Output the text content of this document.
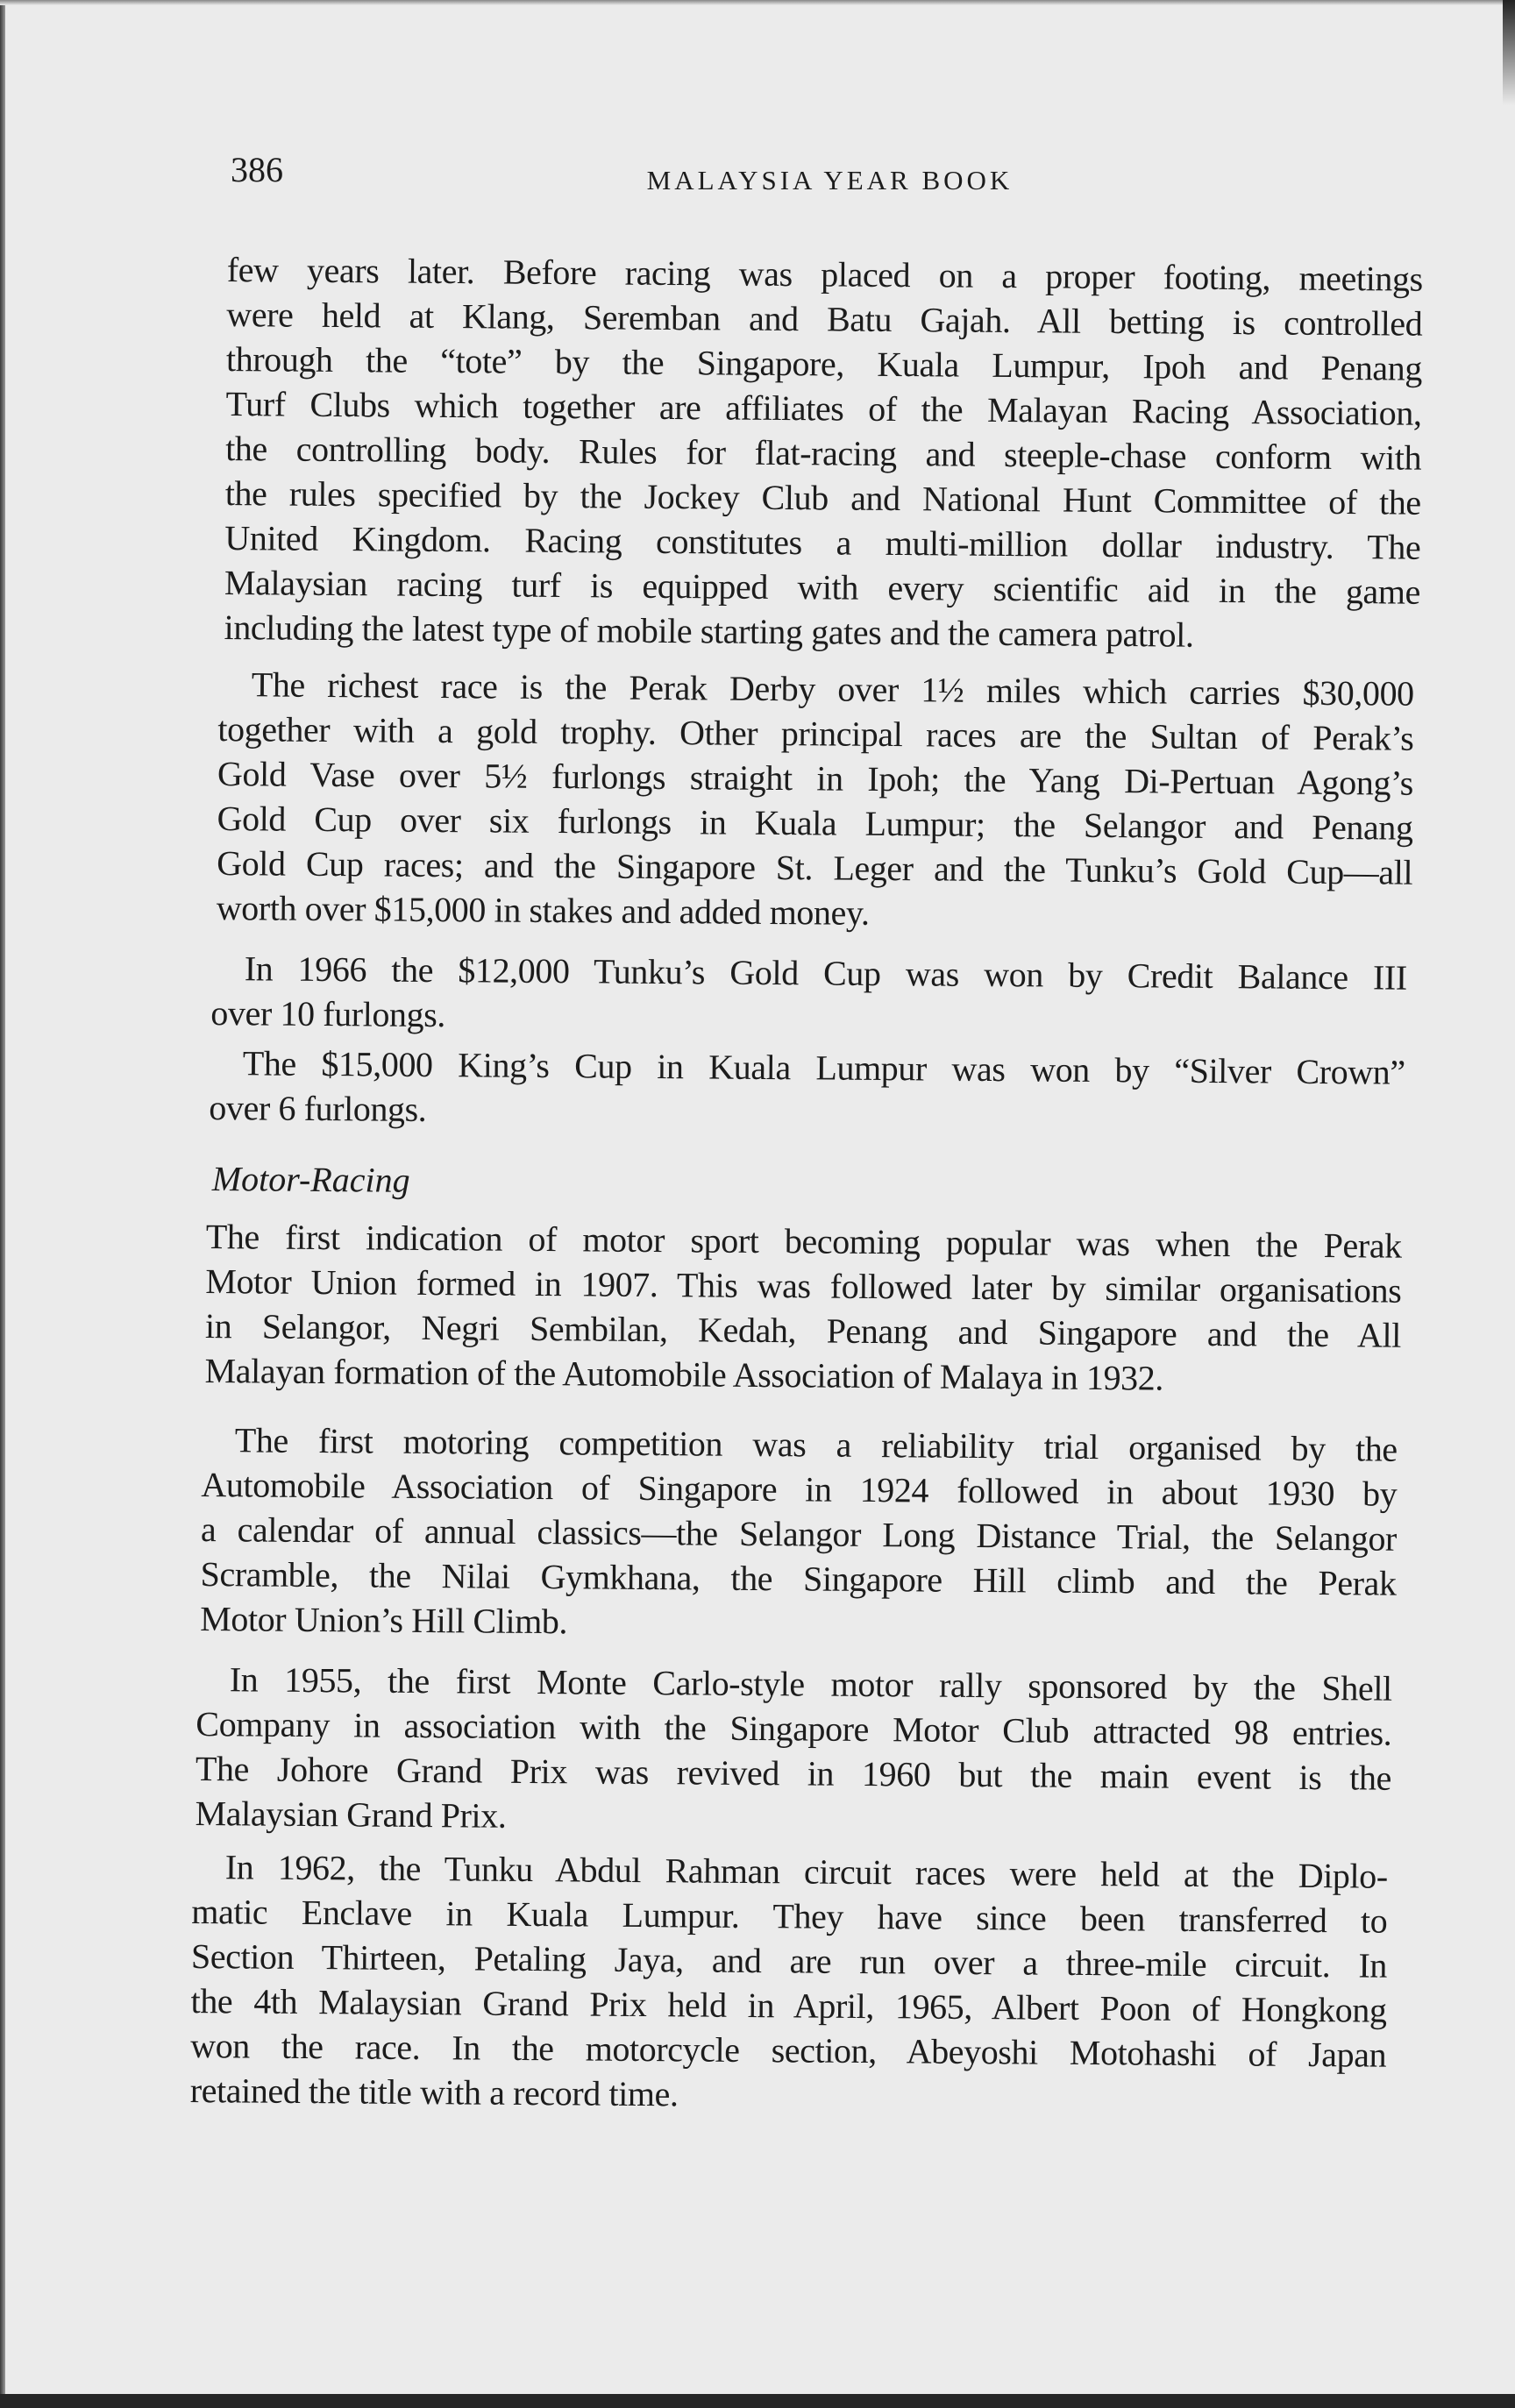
386	MALAYSIA YEAR BOOK
few years later. Before racing was placed on a proper footing, meetings
were held at Klang, Seremban and Batu Gajah. All betting is controlled
through the “tote” by the Singapore, Kuala Lumpur, Ipoh and Penang
Turf Clubs which together are affiliates of the Malayan Racing Association,
the controlling body. Rules for flat-racing and steeple-chase conform with
the rules specified by the Jockey Club and National Hunt Committee of the
United Kingdom. Racing constitutes a multi-million dollar industry. The
Malaysian racing turf is equipped with every scientific aid in the game
including the latest type of mobile starting gates and the camera patrol.
The richest race is the Perak Derby over 1½ miles which carries $30,000
together with a gold trophy. Other principal races are the Sultan of Perak’s
Gold Vase over 5½ furlongs straight in Ipoh; the Yang Di-Pertuan Agong’s
Gold Cup over six furlongs in Kuala Lumpur; the Selangor and Penang
Gold Cup races; and the Singapore St. Leger and the Tunku’s Gold Cup—all
worth over $15,000 in stakes and added money.
In 1966 the $12,000 Tunku’s Gold Cup was won by Credit Balance III
over 10 furlongs.
The $15,000 King’s Cup in Kuala Lumpur was won by “Silver Crown”
over 6 furlongs.
The first indication of motor sport becoming popular was when the Perak
Motor Union formed in 1907. This was followed later by similar organisations
in Selangor, Negri Sembilan, Kedah, Penang and Singapore and the All
Malayan formation of the Automobile Association of Malaya in 1932.
The first motoring competition was a reliability trial organised by the
Automobile Association of Singapore in 1924 followed in about 1930 by
a calendar of annual classics—the Selangor Long Distance Trial, the Selangor
Scramble, the Nilai Gymkhana, the Singapore Hill climb and the Perak
Motor Union’s Hill Climb.
In 1955, the first Monte Carlo-style motor rally sponsored by the Shell
Company in association with the Singapore Motor Club attracted 98 entries.
The Johore Grand Prix was revived in 1960 but the main event is the
Malaysian Grand Prix.
In 1962, the Tunku Abdul Rahman circuit races were held at the Diplo-
matic Enclave in Kuala Lumpur. They have since been transferred to
Section Thirteen, Petaling Jaya, and are run over a three-mile circuit. In
the 4th Malaysian Grand Prix held in April, 1965, Albert Poon of Hongkong
won the race. In the motorcycle section, Abeyoshi Motohashi of Japan
retained the title with a record time.
Motor-Racing
